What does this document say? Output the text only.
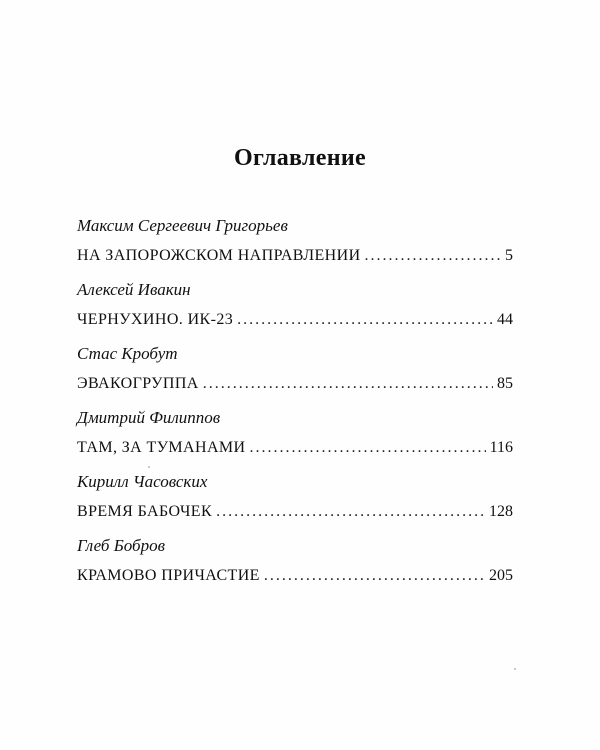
Оглавление
Максим Сергеевич Григорьев
НА ЗАПОРОЖСКОМ НАПРАВЛЕНИИ .....	5
Алексей Ивакин
ЧЕРНУХИНО. ИК-23 .....	44
Стас Кробут
ЭВАКОГРУППА .....	85
Дмитрий Филиппов
ТАМ, ЗА ТУМАНАМИ .....	116
Кирилл Часовских
ВРЕМЯ БАБОЧЕК .....	128
Глеб Бобров
КРАМОВО ПРИЧАСТИЕ .....	205
